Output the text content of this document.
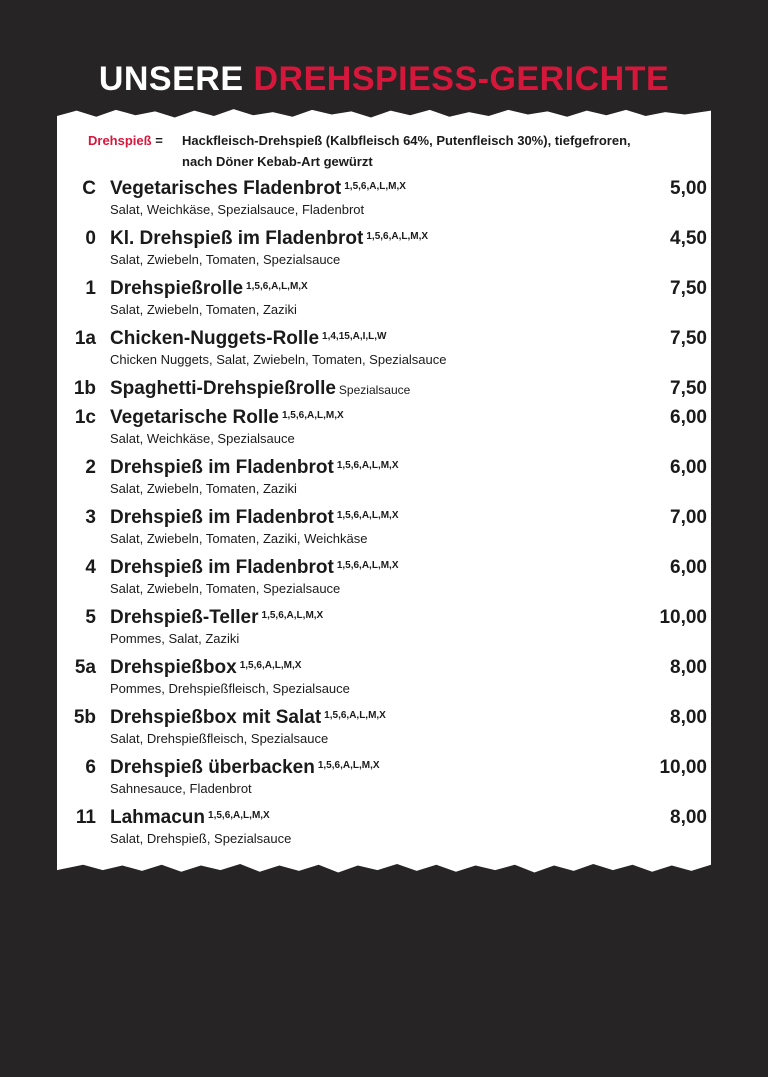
UNSERE DREHSPIESS-GERICHTE
Drehspieß = Hackfleisch-Drehspieß (Kalbfleisch 64%, Putenfleisch 30%), tiefgefroren,
nach Döner Kebab-Art gewürzt
C Vegetarisches Fladenbrot $^{1,5,6,A,L,M,X}$
Salat, Weichkäse, Spezialsauce, Fladenbrot
5,00
0 Kl. Drehspieß im Fladenbrot $^{1,5,6,A,L,M,X}$
Salat, Zwiebeln, Tomaten, Spezialsauce
4,50
1 Drehspießrolle $^{1,5,6,A,L,M,X}$
Salat, Zwiebeln, Tomaten, Zaziki
7,50
1a Chicken-Nuggets-Rolle $^{1,4,15,A,I,L,W}$
Chicken Nuggets, Salat, Zwiebeln, Tomaten, Spezialsauce
7,50
1b Spaghetti-Drehspießrolle Spezialsauce	7,50
1c Vegetarische Rolle $^{1,5,6,A,L,M,X}$
Salat, Weichkäse, Spezialsauce
6,00
2 Drehspieß im Fladenbrot $^{1,5,6,A,L,M,X}$
Salat, Zwiebeln, Tomaten, Zaziki
6,00
3 Drehspieß im Fladenbrot $^{1,5,6,A,L,M,X}$
Salat, Zwiebeln, Tomaten, Zaziki, Weichkäse
7,00
4 Drehspieß im Fladenbrot $^{1,5,6,A,L,M,X}$
Salat, Zwiebeln, Tomaten, Spezialsauce
6,00
5 Drehspieß-Teller $^{1,5,6,A,L,M,X}$
Pommes, Salat, Zaziki
10,00
5a Drehspießbox $^{1,5,6,A,L,M,X}$
Pommes, Drehspießfleisch, Spezialsauce
8,00
5b Drehspießbox mit Salat $^{1,5,6,A,L,M,X}$
Salat, Drehspießfleisch, Spezialsauce
8,00
6 Drehspieß überbacken $^{1,5,6,A,L,M,X}$
Sahnesauce, Fladenbrot
10,00
11 Lahmacun $^{1,5,6,A,L,M,X}$
Salat, Drehspieß, Spezialsauce
8,00
